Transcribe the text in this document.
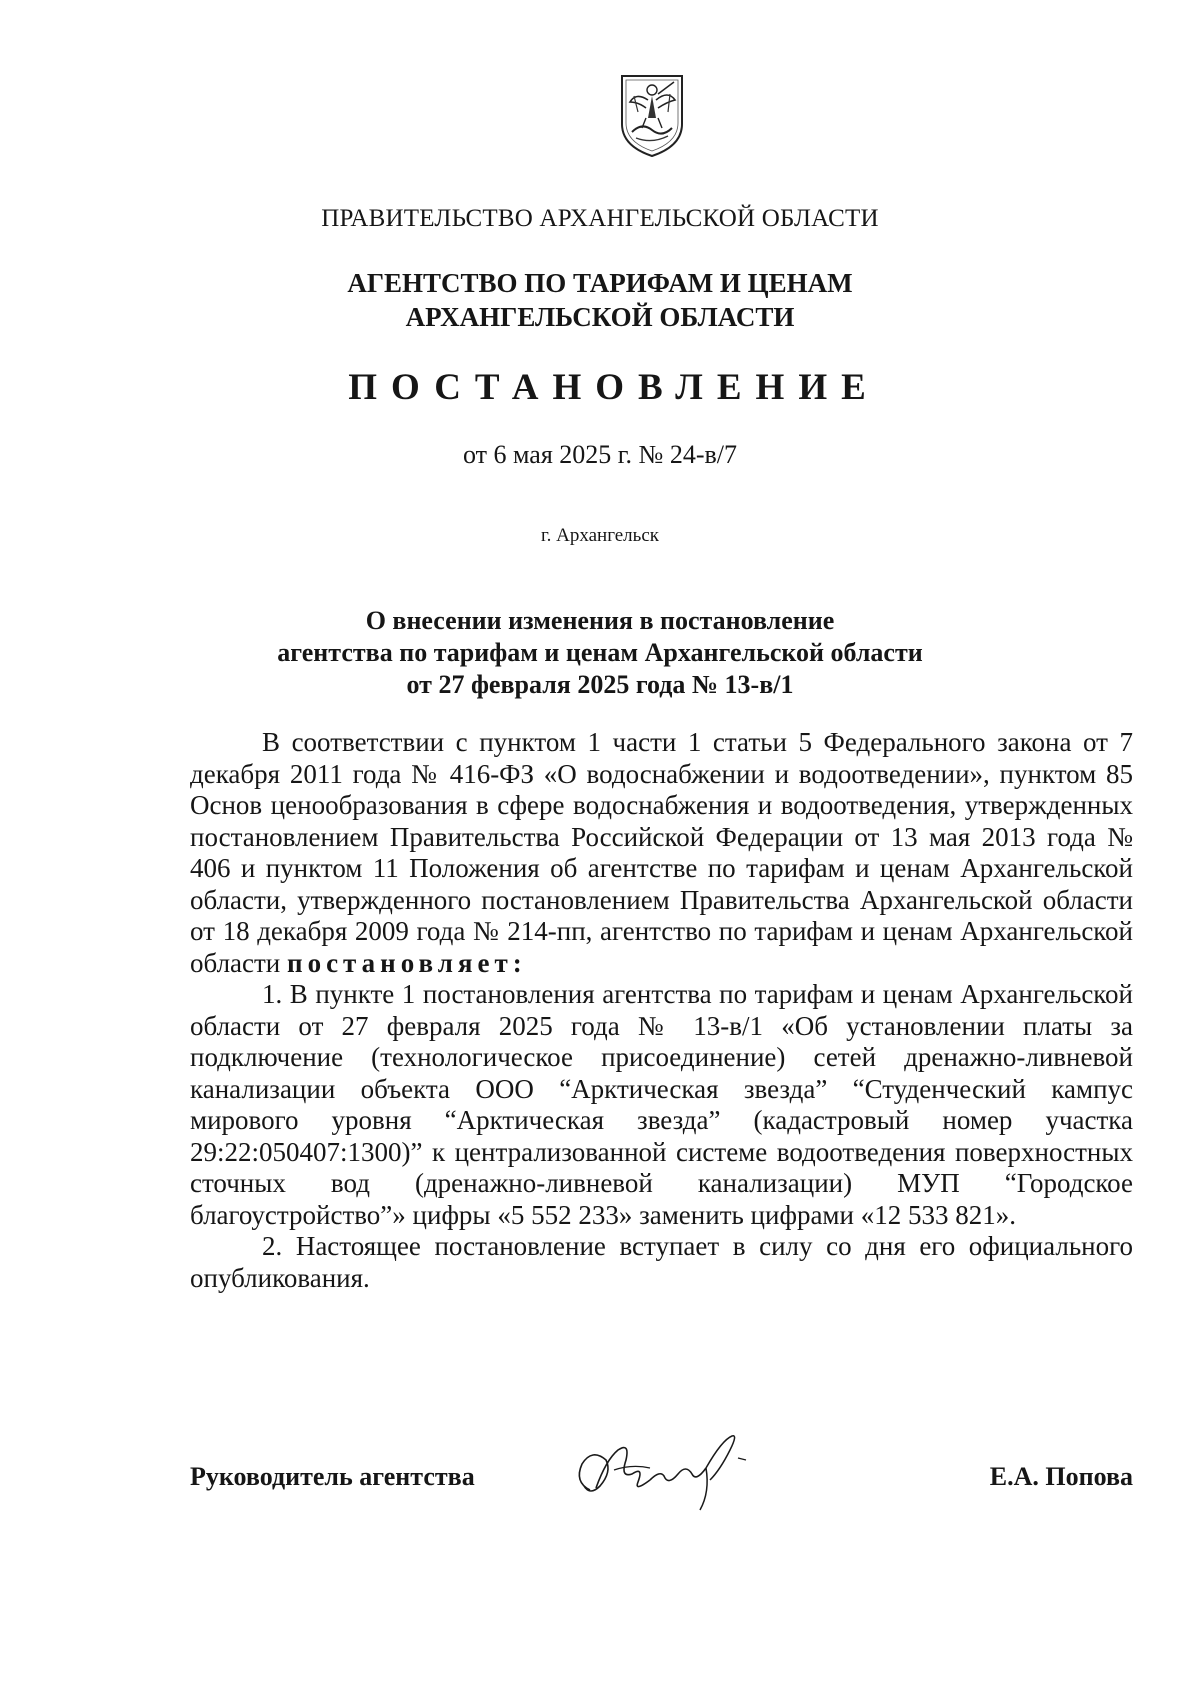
ПРАВИТЕЛЬСТВО АРХАНГЕЛЬСКОЙ ОБЛАСТИ

АГЕНТСТВО ПО ТАРИФАМ И ЦЕНАМ
АРХАНГЕЛЬСКОЙ ОБЛАСТИ

ПОСТАНОВЛЕНИЕ

от 6 мая 2025 г. № 24-в/7

г. Архангельск

О внесении изменения в постановление
агентства по тарифам и ценам Архангельской области
от 27 февраля 2025 года № 13-в/1

В соответствии с пунктом 1 части 1 статьи 5 Федерального закона от 7 декабря 2011 года № 416-ФЗ «О водоснабжении и водоотведении», пунктом 85 Основ ценообразования в сфере водоснабжения и водоотведения, утвержденных постановлением Правительства Российской Федерации от 13 мая 2013 года № 406 и пунктом 11 Положения об агентстве по тарифам и ценам Архангельской области, утвержденного постановлением Правительства Архангельской области от 18 декабря 2009 года № 214-пп, агентство по тарифам и ценам Архангельской области постановляет:

1. В пункте 1 постановления агентства по тарифам и ценам Архангельской области от 27 февраля 2025 года № 13-в/1 «Об установлении платы за подключение (технологическое присоединение) сетей дренажно-ливневой канализации объекта ООО “Арктическая звезда” “Студенческий кампус мирового уровня “Арктическая звезда” (кадастровый номер участка 29:22:050407:1300)” к централизованной системе водоотведения поверхностных сточных вод (дренажно-ливневой канализации) МУП “Городское благоустройство”» цифры «5 552 233» заменить цифрами «12 533 821».

2. Настоящее постановление вступает в силу со дня его официального опубликования.

Руководитель агентства	Е.А. Попова
